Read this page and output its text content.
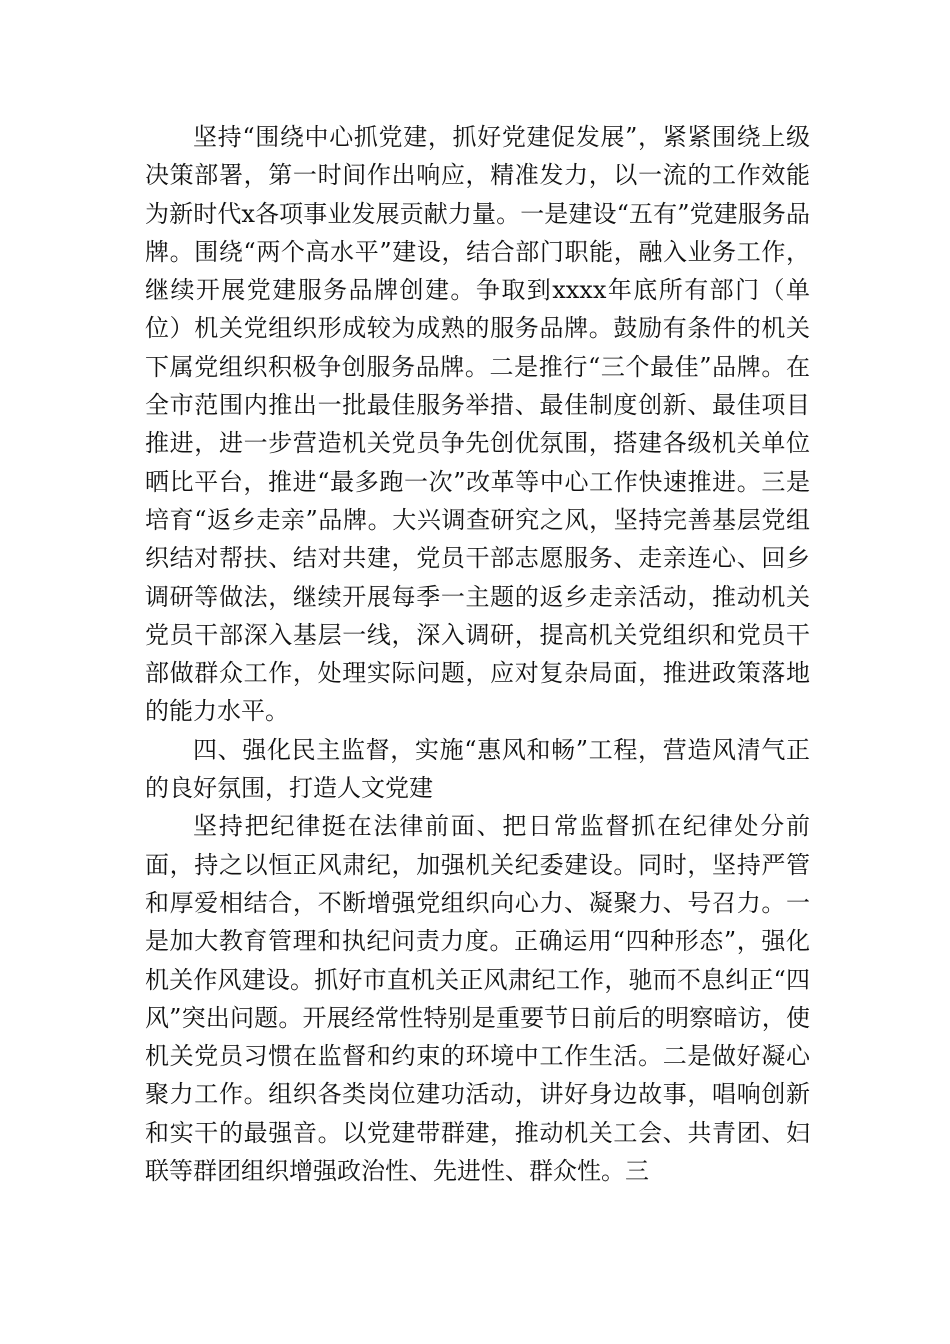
坚持“围绕中心抓党建，抓好党建促发展”，紧紧围绕上级决策部署，第一时间作出响应，精准发力，以一流的工作效能为新时代x各项事业发展贡献力量。一是建设“五有”党建服务品牌。围绕“两个高水平”建设，结合部门职能，融入业务工作，继续开展党建服务品牌创建。争取到xxxx年底所有部门（单位）机关党组织形成较为成熟的服务品牌。鼓励有条件的机关下属党组织积极争创服务品牌。二是推行“三个最佳”品牌。在全市范围内推出一批最佳服务举措、最佳制度创新、最佳项目推进，进一步营造机关党员争先创优氛围，搭建各级机关单位晒比平台，推进“最多跑一次”改革等中心工作快速推进。三是培育“返乡走亲”品牌。大兴调查研究之风，坚持完善基层党组织结对帮扶、结对共建，党员干部志愿服务、走亲连心、回乡调研等做法，继续开展每季一主题的返乡走亲活动，推动机关党员干部深入基层一线，深入调研，提高机关党组织和党员干部做群众工作，处理实际问题，应对复杂局面，推进政策落地的能力水平。

四、强化民主监督，实施“惠风和畅”工程，营造风清气正的良好氛围，打造人文党建

坚持把纪律挺在法律前面、把日常监督抓在纪律处分前面，持之以恒正风肃纪，加强机关纪委建设。同时，坚持严管和厚爱相结合，不断增强党组织向心力、凝聚力、号召力。一是加大教育管理和执纪问责力度。正确运用“四种形态”，强化机关作风建设。抓好市直机关正风肃纪工作，驰而不息纠正“四风”突出问题。开展经常性特别是重要节日前后的明察暗访，使机关党员习惯在监督和约束的环境中工作生活。二是做好凝心聚力工作。组织各类岗位建功活动，讲好身边故事，唱响创新和实干的最强音。以党建带群建，推动机关工会、共青团、妇联等群团组织增强政治性、先进性、群众性。三
